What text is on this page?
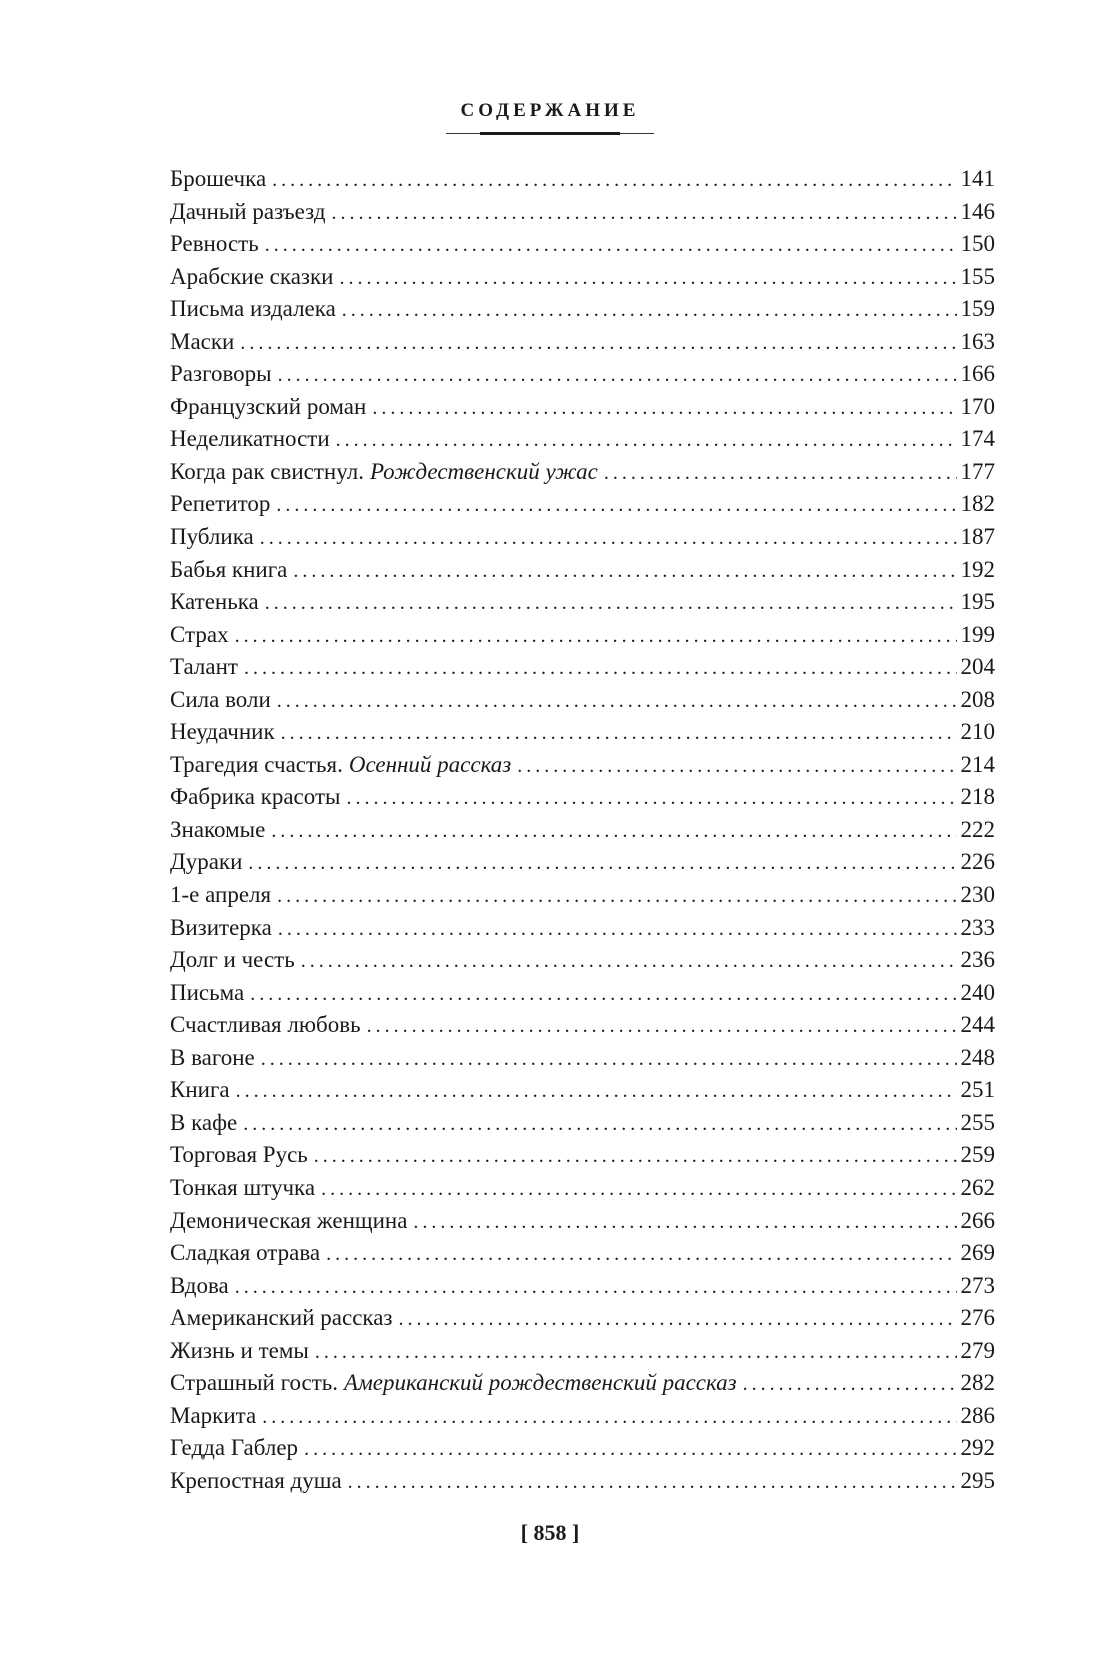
СОДЕРЖАНИЕ
Брошечка . . .	141
Дачный разъезд . . .	146
Ревность . . .	150
Арабские сказки . . .	155
Письма издалека . . .	159
Маски . . .	163
Разговоры . . .	166
Французский роман . . .	170
Неделикатности . . .	174
Когда рак свистнул. Рождественский ужас . . .	177
Репетитор . . .	182
Публика . . .	187
Бабья книга . . .	192
Катенька . . .	195
Страх . . .	199
Талант . . .	204
Сила воли . . .	208
Неудачник . . .	210
Трагедия счастья. Осенний рассказ . . .	214
Фабрика красоты . . .	218
Знакомые . . .	222
Дураки . . .	226
1-е апреля . . .	230
Визитерка . . .	233
Долг и честь . . .	236
Письма . . .	240
Счастливая любовь . . .	244
В вагоне . . .	248
Книга . . .	251
В кафе . . .	255
Торговая Русь . . .	259
Тонкая штучка . . .	262
Демоническая женщина . . .	266
Сладкая отрава . . .	269
Вдова . . .	273
Американский рассказ . . .	276
Жизнь и темы . . .	279
Страшный гость. Американский рождественский рассказ . . .	282
Маркита . . .	286
Гедда Габлер . . .	292
Крепостная душа . . .	295
[ 858 ]
